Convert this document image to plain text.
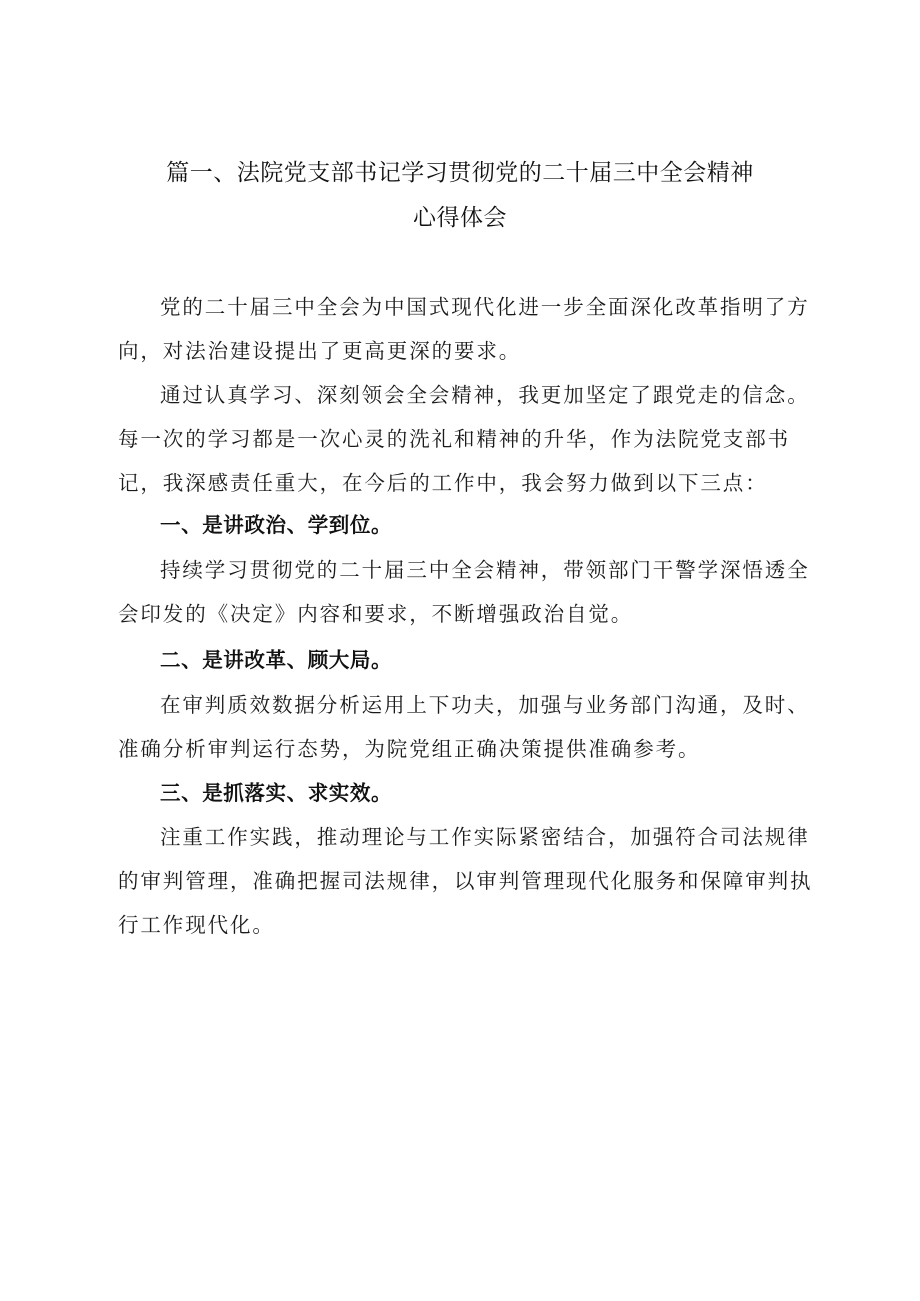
篇一、法院党支部书记学习贯彻党的二十届三中全会精神
心得体会
党的二十届三中全会为中国式现代化进一步全面深化改革指明了方向，对法治建设提出了更高更深的要求。
通过认真学习、深刻领会全会精神，我更加坚定了跟党走的信念。每一次的学习都是一次心灵的洗礼和精神的升华，作为法院党支部书记，我深感责任重大，在今后的工作中，我会努力做到以下三点：
一、是讲政治、学到位。
持续学习贯彻党的二十届三中全会精神，带领部门干警学深悟透全会印发的《决定》内容和要求，不断增强政治自觉。
二、是讲改革、顾大局。
在审判质效数据分析运用上下功夫，加强与业务部门沟通，及时、准确分析审判运行态势，为院党组正确决策提供准确参考。
三、是抓落实、求实效。
注重工作实践，推动理论与工作实际紧密结合，加强符合司法规律的审判管理，准确把握司法规律，以审判管理现代化服务和保障审判执行工作现代化。
